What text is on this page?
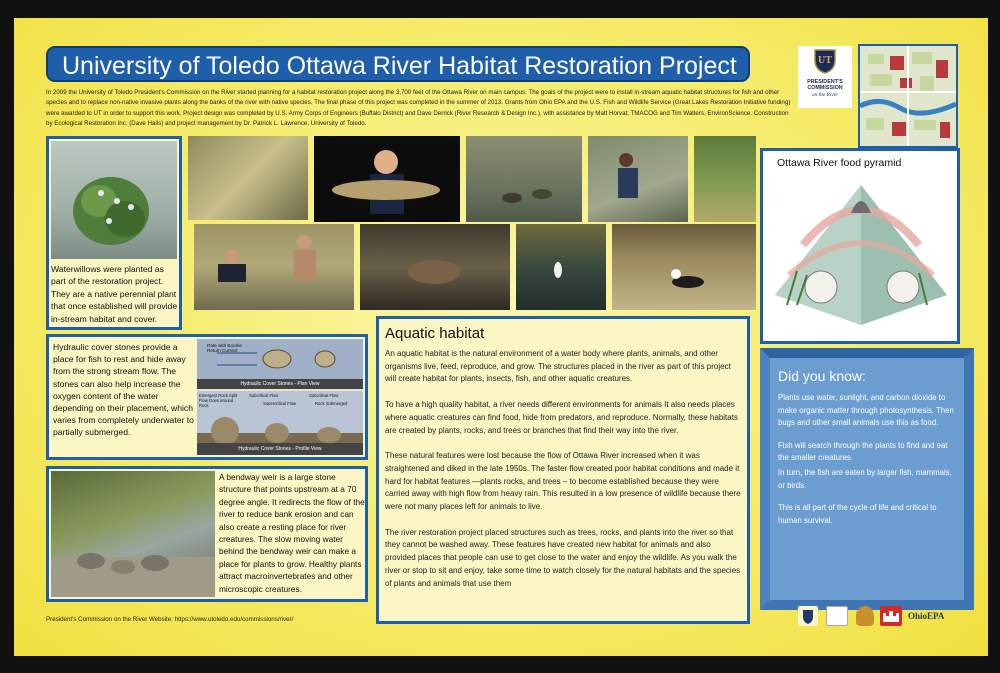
University of Toledo Ottawa River Habitat Restoration Project
In 2009 the University of Toledo President's Commission on the River started planning for a habitat restoration project along the 3,700 feet of the Ottawa River on main campus. The goals of the project were to install in-stream aquatic habitat structures for fish and other species and to replace non-native invasive plants along the banks of the river with native species. The final phase of this project was completed in the summer of 2013. Grants from Ohio EPA and the U.S. Fish and Wildlife Service (Great Lakes Restoration Initiative funding) were awarded to UT in order to support this work. Project design was completed by U.S. Army Corps of Engineers (Buffalo District) and Dave Derrick (River Research & Design Inc.), with assistance by Matt Horvat, TMACOG and Tim Walters, EnvironScience. Construction by Ecological Restoration Inc. (Dave Hails) and project management by Dr. Patrick L. Lawrence, University of Toledo.
UT
PRESIDENT'S
COMMISSION
on the River
Waterwillows were planted as part of the restoration project. They are a native perennial plant that once established will provide in-stream habitat and cover.
Hydraulic cover stones provide a place for fish to rest and hide away from the strong stream flow. The stones can also help increase the oxygen content of the water depending on their placement, which varies from completely underwater to partially submerged.
Rate with Bourke Return Current
Hydraulic Cover Stones - Plan View
Emergent Rock Split Flow Goes around Rock
Subcritical Flow
Supercritical Flow
Subcritical Flow
Rock Submerged
Hydraulic Cover Stones - Profile View
A bendway weir is a large stone structure that points upstream at a 70 degree angle. It redirects the flow of the river to reduce bank erosion and can also create a resting place for river creatures. The slow moving water behind the bendway weir can make a place for plants to grow. Healthy plants attract macroinvertebrates and other microscopic creatures.
President's Commission on the River Website: https://www.utoledo.edu/commissions/river/
Aquatic habitat

An aquatic habitat is the natural environment of a water body where plants, animals, and other organisms live, feed, reproduce, and grow. The structures placed in the river as part of this project will create habitat for plants, insects, fish, and other aquatic creatures.

To have a high quality habitat, a river needs different environments for animals It also needs places where aquatic creatures can find food, hide from predators, and reproduce. Normally, these habitats are created by plants, rocks, and trees or branches that find their way into the river.

These natural features were lost because the flow of Ottawa River increased when it was straightened and diked in the late 1950s. The faster flow created poor habitat conditions and made it hard for habitat features —plants rocks, and trees – to become established because they were carried away with high flow from heavy rain. This resulted in a low presence of wildlife because there were not many places left for animals to live.

The river restoration project placed structures such as trees, rocks, and plants into the river so that they cannot be washed away. These features have created new habitat for animals and also provided places that people can use to get close to the water and enjoy the wildlife. As you walk the river or stop to sit and enjoy, take some time to watch closely for the natural habitats and the species of plants and animals that use them

Ottawa River food pyramid
Did you know:

Plants use water, sunlight, and carbon dioxide to make organic matter through photosynthesis. Then bugs and other small animals use this as food.

Fish will search through the plants to find and eat the smaller creatures.

In turn, the fish are eaten by larger fish, mammals, or birds.

This is all part of the cycle of life and critical to human survival.

OhioEPA
